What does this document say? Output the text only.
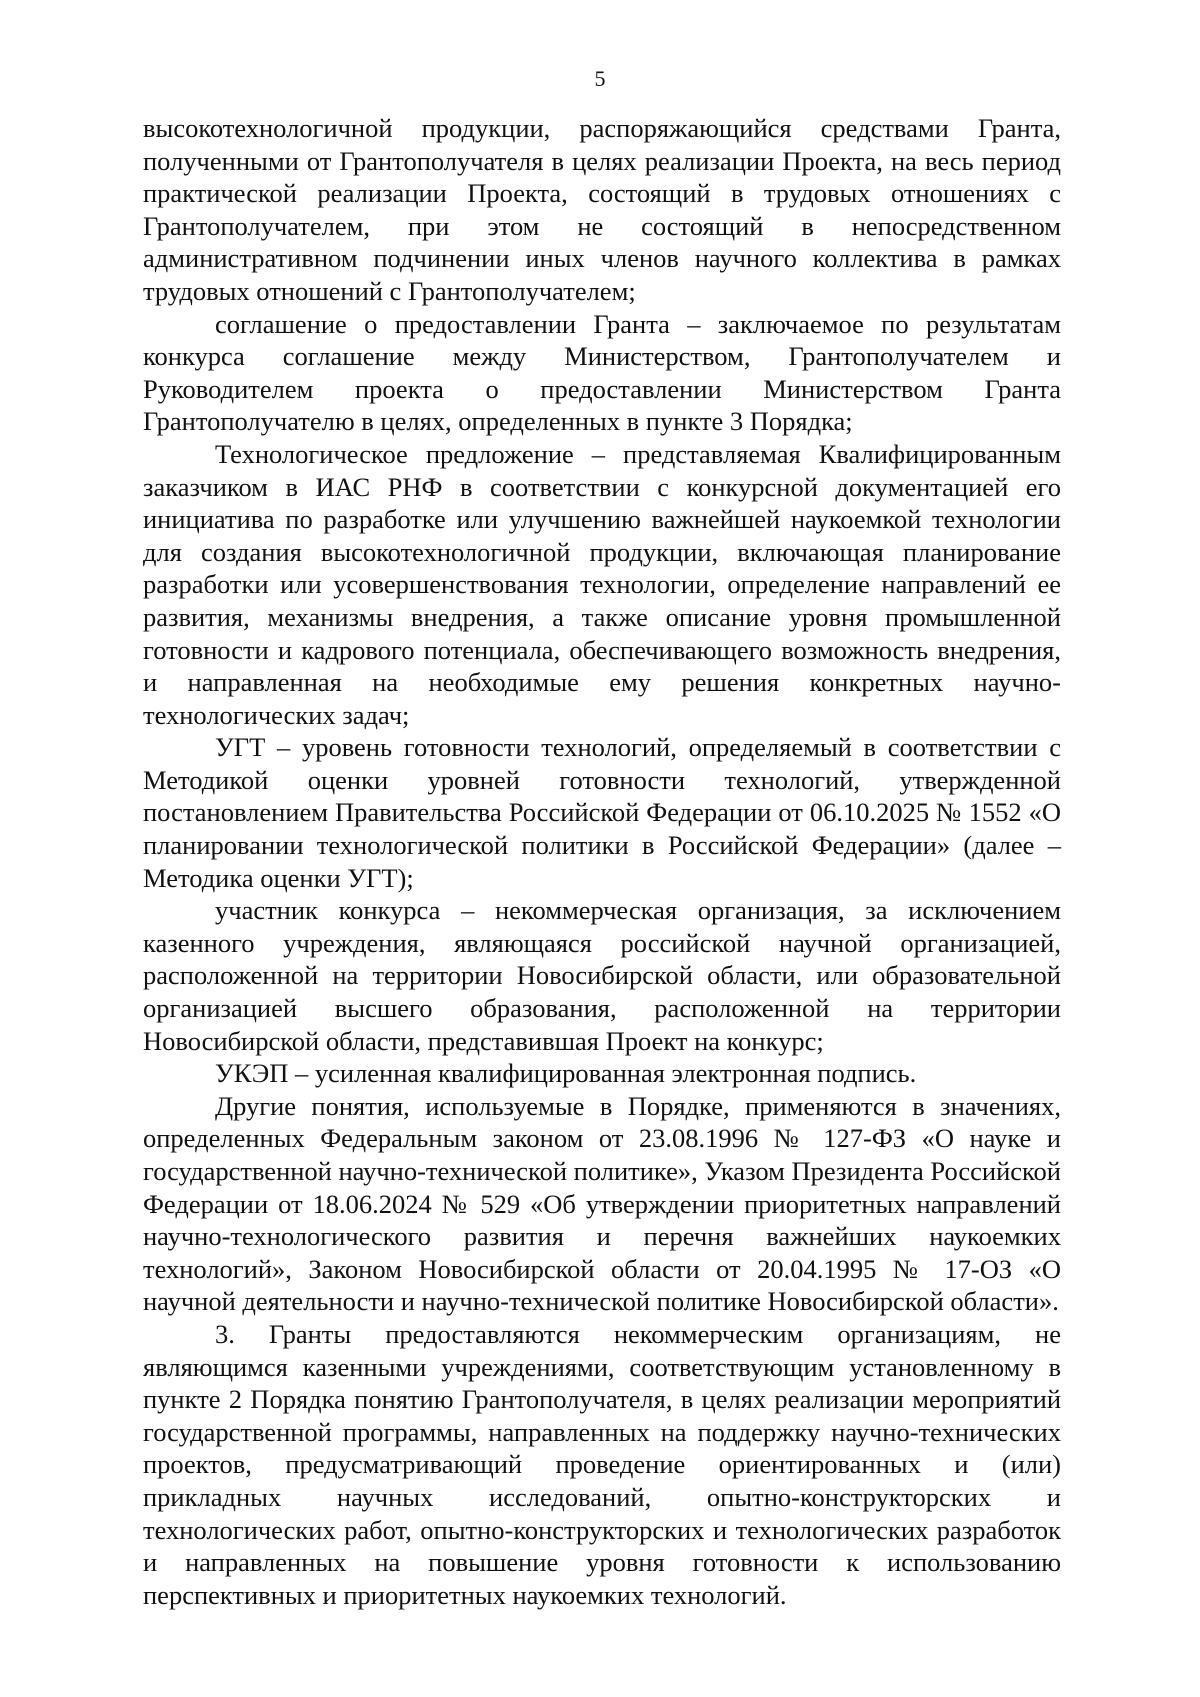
5

высокотехнологичной продукции, распоряжающийся средствами Гранта, полученными от Грантополучателя в целях реализации Проекта, на весь период практической реализации Проекта, состоящий в трудовых отношениях с Грантополучателем, при этом не состоящий в непосредственном административном подчинении иных членов научного коллектива в рамках трудовых отношений с Грантополучателем;

соглашение о предоставлении Гранта – заключаемое по результатам конкурса соглашение между Министерством, Грантополучателем и Руководителем проекта о предоставлении Министерством Гранта Грантополучателю в целях, определенных в пункте 3 Порядка;

Технологическое предложение – представляемая Квалифицированным заказчиком в ИАС РНФ в соответствии с конкурсной документацией его инициатива по разработке или улучшению важнейшей наукоемкой технологии для создания высокотехнологичной продукции, включающая планирование разработки или усовершенствования технологии, определение направлений ее развития, механизмы внедрения, а также описание уровня промышленной готовности и кадрового потенциала, обеспечивающего возможность внедрения, и направленная на необходимые ему решения конкретных научно-технологических задач;

УГТ – уровень готовности технологий, определяемый в соответствии с Методикой оценки уровней готовности технологий, утвержденной постановлением Правительства Российской Федерации от 06.10.2025 № 1552 «О планировании технологической политики в Российской Федерации» (далее – Методика оценки УГТ);

участник конкурса – некоммерческая организация, за исключением казенного учреждения, являющаяся российской научной организацией, расположенной на территории Новосибирской области, или образовательной организацией высшего образования, расположенной на территории Новосибирской области, представившая Проект на конкурс;

УКЭП – усиленная квалифицированная электронная подпись.

Другие понятия, используемые в Порядке, применяются в значениях, определенных Федеральным законом от 23.08.1996 № 127-ФЗ «О науке и государственной научно-технической политике», Указом Президента Российской Федерации от 18.06.2024 № 529 «Об утверждении приоритетных направлений научно-технологического развития и перечня важнейших наукоемких технологий», Законом Новосибирской области от 20.04.1995 № 17-ОЗ «О научной деятельности и научно-технической политике Новосибирской области».

3. Гранты предоставляются некоммерческим организациям, не являющимся казенными учреждениями, соответствующим установленному в пункте 2 Порядка понятию Грантополучателя, в целях реализации мероприятий государственной программы, направленных на поддержку научно-технических проектов, предусматривающий проведение ориентированных и (или) прикладных научных исследований, опытно-конструкторских и технологических работ, опытно-конструкторских и технологических разработок и направленных на повышение уровня готовности к использованию перспективных и приоритетных наукоемких технологий.
